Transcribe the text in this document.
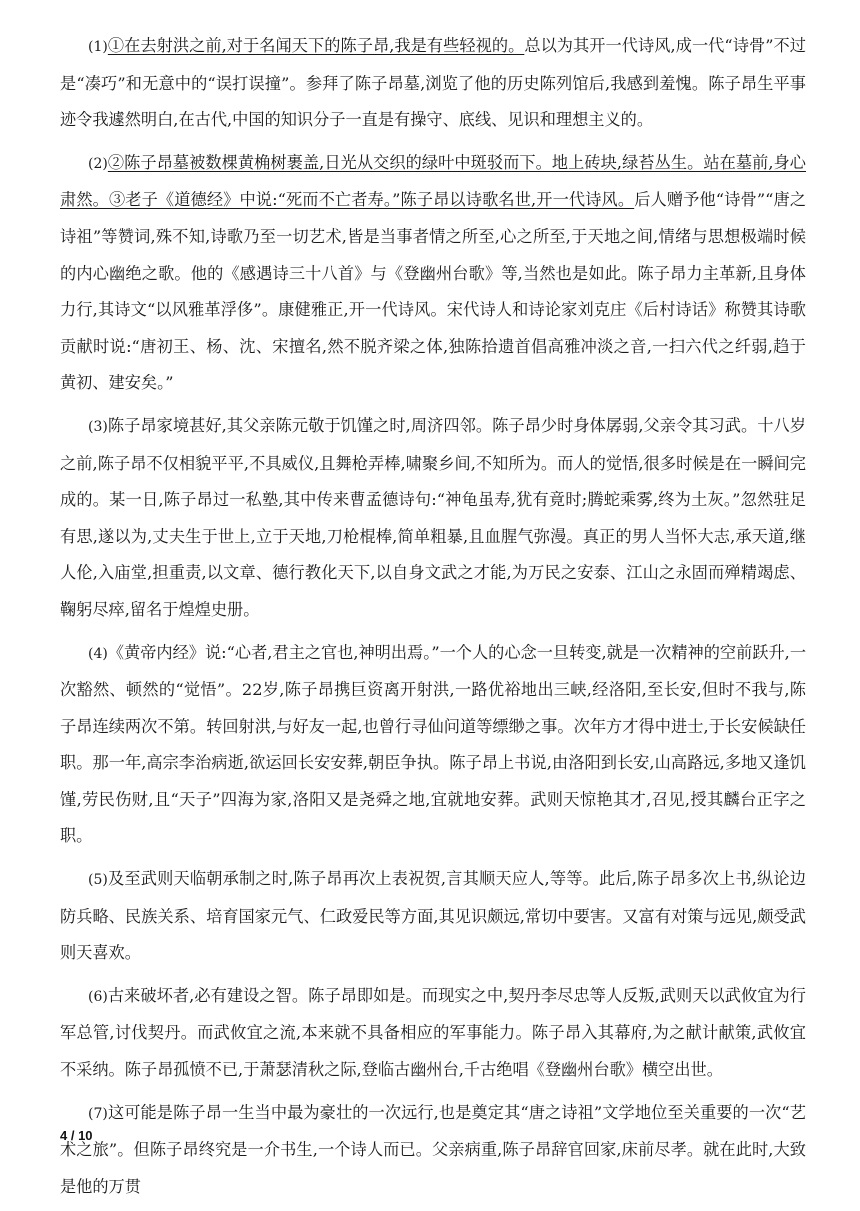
(1)①在去射洪之前,对于名闻天下的陈子昂,我是有些轻视的。总以为其开一代诗风,成一代“诗骨”不过是“凑巧”和无意中的“误打误撞”。参拜了陈子昂墓,浏览了他的历史陈列馆后,我感到羞愧。陈子昂生平事迹令我遽然明白,在古代,中国的知识分子一直是有操守、底线、见识和理想主义的。

(2)②陈子昂墓被数棵黄桷树裹盖,日光从交织的绿叶中斑驳而下。地上砖块,绿苔丛生。站在墓前,身心肃然。③老子《道德经》中说:“死而不亡者寿。”陈子昂以诗歌名世,开一代诗风。后人赠予他“诗骨”“唐之诗祖”等赞词,殊不知,诗歌乃至一切艺术,皆是当事者情之所至,心之所至,于天地之间,情绪与思想极端时候的内心幽绝之歌。他的《感遇诗三十八首》与《登幽州台歌》等,当然也是如此。陈子昂力主革新,且身体力行,其诗文“以风雅革浮侈”。康健雅正,开一代诗风。宋代诗人和诗论家刘克庄《后村诗话》称赞其诗歌贡献时说:“唐初王、杨、沈、宋擅名,然不脱齐梁之体,独陈拾遗首倡高雅冲淡之音,一扫六代之纤弱,趋于黄初、建安矣。”

(3)陈子昂家境甚好,其父亲陈元敬于饥馑之时,周济四邻。陈子昂少时身体孱弱,父亲令其习武。十八岁之前,陈子昂不仅相貌平平,不具威仪,且舞枪弄棒,啸聚乡间,不知所为。而人的觉悟,很多时候是在一瞬间完成的。某一日,陈子昂过一私塾,其中传来曹孟德诗句:“神龟虽寿,犹有竟时;腾蛇乘雾,终为土灰。”忽然驻足有思,遂以为,丈夫生于世上,立于天地,刀枪棍棒,简单粗暴,且血腥气弥漫。真正的男人当怀大志,承天道,继人伦,入庙堂,担重责,以文章、德行教化天下,以自身文武之才能,为万民之安泰、江山之永固而殚精竭虑、鞠躬尽瘁,留名于煌煌史册。

(4)《黄帝内经》说:“心者,君主之官也,神明出焉。”一个人的心念一旦转变,就是一次精神的空前跃升,一次豁然、顿然的“觉悟”。22岁,陈子昂携巨资离开射洪,一路优裕地出三峡,经洛阳,至长安,但时不我与,陈子昂连续两次不第。转回射洪,与好友一起,也曾行寻仙问道等缥缈之事。次年方才得中进士,于长安候缺任职。那一年,高宗李治病逝,欲运回长安安葬,朝臣争执。陈子昂上书说,由洛阳到长安,山高路远,多地又逢饥馑,劳民伤财,且“天子”四海为家,洛阳又是尧舜之地,宜就地安葬。武则天惊艳其才,召见,授其麟台正字之职。

(5)及至武则天临朝承制之时,陈子昂再次上表祝贺,言其顺天应人,等等。此后,陈子昂多次上书,纵论边防兵略、民族关系、培育国家元气、仁政爱民等方面,其见识颇远,常切中要害。又富有对策与远见,颇受武则天喜欢。

(6)古来破坏者,必有建设之智。陈子昂即如是。而现实之中,契丹李尽忠等人反叛,武则天以武攸宜为行军总管,讨伐契丹。而武攸宜之流,本来就不具备相应的军事能力。陈子昂入其幕府,为之献计献策,武攸宜不采纳。陈子昂孤愤不已,于萧瑟清秋之际,登临古幽州台,千古绝唱《登幽州台歌》横空出世。

(7)这可能是陈子昂一生当中最为豪壮的一次远行,也是奠定其“唐之诗祖”文学地位至关重要的一次“艺术之旅”。但陈子昂终究是一介书生,一个诗人而已。父亲病重,陈子昂辞官回家,床前尽孝。就在此时,大致是他的万贯

4 / 10
